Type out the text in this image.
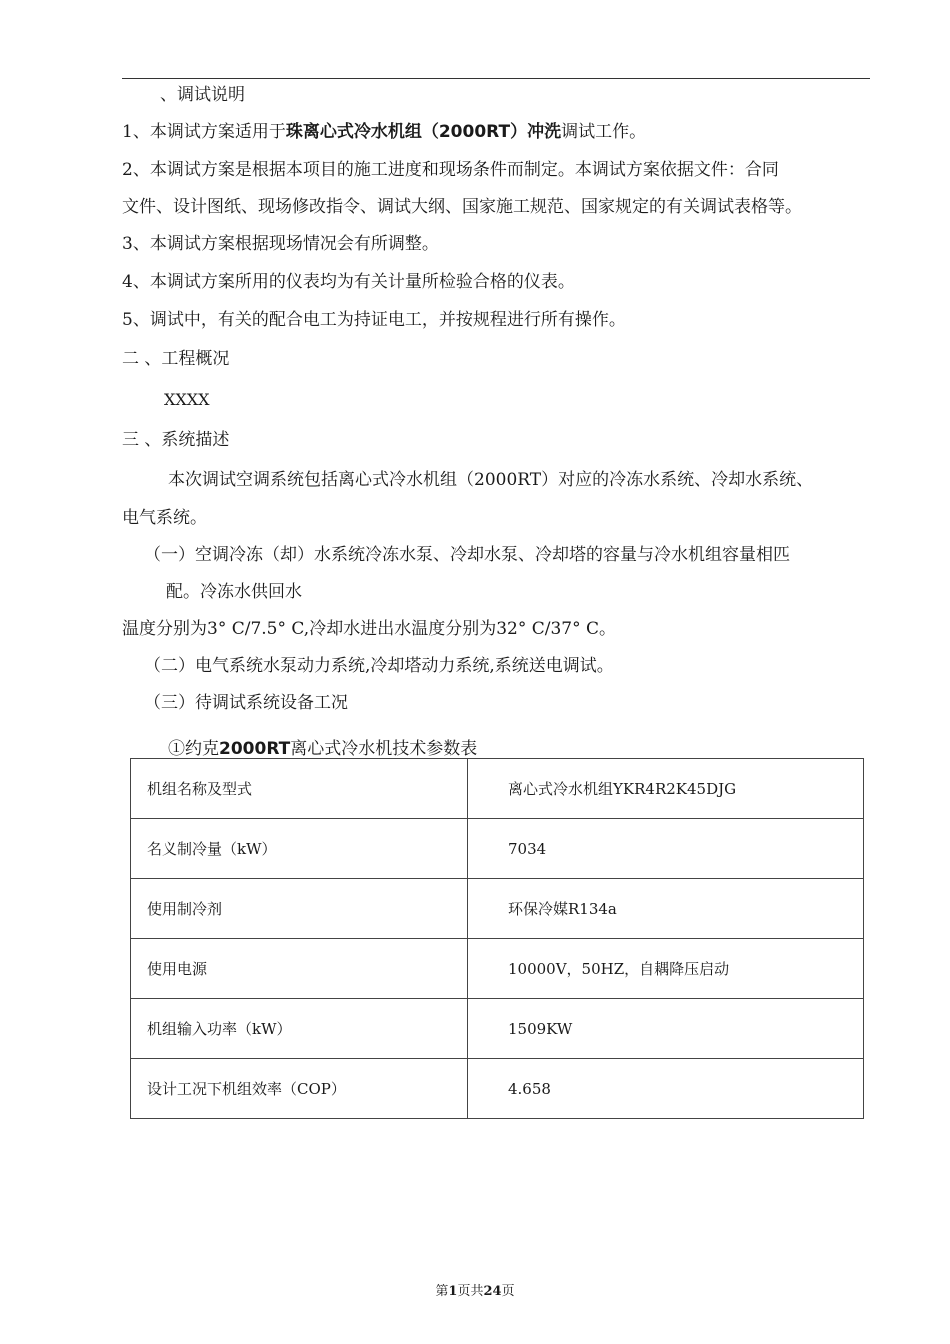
、调试说明
1、本调试方案适用于珠离心式冷水机组（2000RT）冲洗调试工作。
2、本调试方案是根据本项目的施工进度和现场条件而制定。本调试方案依据文件：合同
文件、设计图纸、现场修改指令、调试大纲、国家施工规范、国家规定的有关调试表格等。
3、本调试方案根据现场情况会有所调整。
4、本调试方案所用的仪表均为有关计量所检验合格的仪表。
5、调试中，有关的配合电工为持证电工，并按规程进行所有操作。
二 、工程概况
XXXX
三 、系统描述
本次调试空调系统包括离心式冷水机组（2000RT）对应的冷冻水系统、冷却水系统、
电气系统。
（一）空调冷冻（却）水系统冷冻水泵、冷却水泵、冷却塔的容量与冷水机组容量相匹
配。冷冻水供回水
温度分别为3° C/7.5° C,冷却水进出水温度分别为32° C/37° C。
（二）电气系统水泵动力系统,冷却塔动力系统,系统送电调试。
（三）待调试系统设备工况
①约克2000RT离心式冷水机技术参数表
机组名称及型式	离心式冷水机组YKR4R2K45DJG
名义制冷量（kW）	7034
使用制冷剂	环保冷媒R134a
使用电源	10000V，50HZ，自耦降压启动
机组输入功率（kW）	1509KW
设计工况下机组效率（COP）	4.658
第1页共24页
